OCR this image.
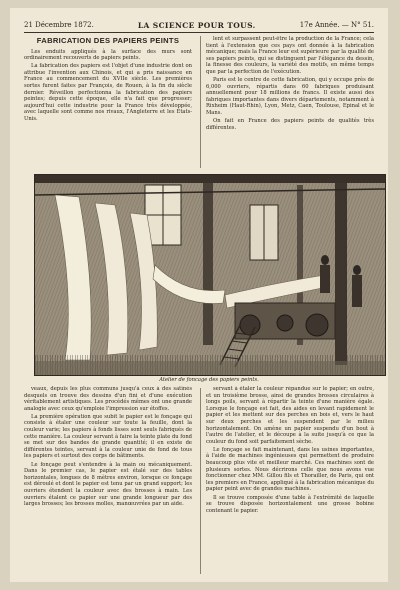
21 Décembre 1872.	LA SCIENCE POUR TOUS.	17e Année. — N° 51.
FABRICATION DES PAPIERS PEINTS

Les enduits appliqués à la surface des murs sont ordinairement recouverts de papiers peints.

La fabrication des papiers est l'objet d'une industrie dont on attribue l'invention aux Chinois, et qui a pris naissance en France au commencement du XVIIe siècle. Les premières sortes furent faites par François, de Rouen, à la fin du siècle dernier. Réveillon perfectionna la fabrication des papiers peintes; depuis cette époque, elle n'a fait que progresser; aujourd'hui cette industrie pour la France très développée, avec laquelle sont comme nos rivaux, l'Angleterre et les États-Unis.

lent et surpassent peut-être la production de la France; cela tient à l'extension que ces pays ont donnée à la fabrication mécanique; mais la France leur est supérieure par la qualité de ses papiers peints, qui se distinguent par l'élégance du dessin, la finesse des couleurs, la variété des motifs, en même temps que par la perfection de l'exécution.

Paris est le centre de cette fabrication, qui y occupe près de 6,000 ouvriers, répartis dans 60 fabriques produisant annuellement pour 18 millions de francs. Il existe aussi des fabriques importantes dans divers départements, notamment à Rixheim (Haut-Rhin), Lyon, Metz, Caen, Toulouse, Epinal et le Mans.

On fait en France des papiers peints de qualités très différentes.

Atelier de foncage des papiers peints.

veaux, depuis les plus communs jusqu'à ceux à des satinés desquels on trouve des dessins d'un fini et d'une exécution véritablement artistiques. Les procédés mêmes ont une grande analogie avec ceux qu'emploie l'impression sur étoffes.

La première opération que subit le papier est le fonçage qui consiste à étaler une couleur sur toute la feuille, dont la couleur varie; les papiers à fonds lisses sont seuls fabriqués de cette manière. La couleur servant à faire la teinte plate du fond se met sur des bandes de grande quantité; il en existe de différentes teintes, servant à la couleur unie de fond de tous les papiers et surtout des corps de bâtiments.

Le fonçage peut s'entendre à la main ou mécaniquement. Dans le premier cas, le papier est étalé sur des tables horizontales, longues de 8 mètres environ, lorsque ce fonçage est déroulé et dont le papier est tenu par un grand support; les ouvriers étendent la couleur avec des brosses à main. Les ouvriers étalent ce papier sur une grande longueur par des larges brosses; les brosses molles, manœuvrées par un aide.

servant à étaler la couleur répandue sur le papier; en outre, et un troisième brosse, ainsi de grandes brosses circulaires à longs poils, servant à répartir la teinte d'une manière égale. Lorsque le fonçage est fait, des aides en levant rapidement le papier et les mettent sur des perches en bois et, vers le haut sur deux perches et les suspendent par le milieu horizontalement. On amène un papier suspendu d'un bout à l'autre de l'atelier, et le découpe à la suite jusqu'à ce que la couleur du fond soit parfaitement sèche.

Le fonçage se fait maintenant, dans les usines importantes, à l'aide de machines ingénieuses qui permettent de produire beaucoup plus vite et meilleur marché. Ces machines sont de plusieurs sortes. Nous décrirons celle que nous avons vue fonctionner chez MM. Gillou fils et Thorailler, de Paris, qui ont les premiers en France, appliqué à la fabrication mécanique du papier peint avec de grandes machines.

Il se trouve composée d'une table à l'extrémité de laquelle se trouve disposée horizontalement une grosse bobine contenant le papier.
